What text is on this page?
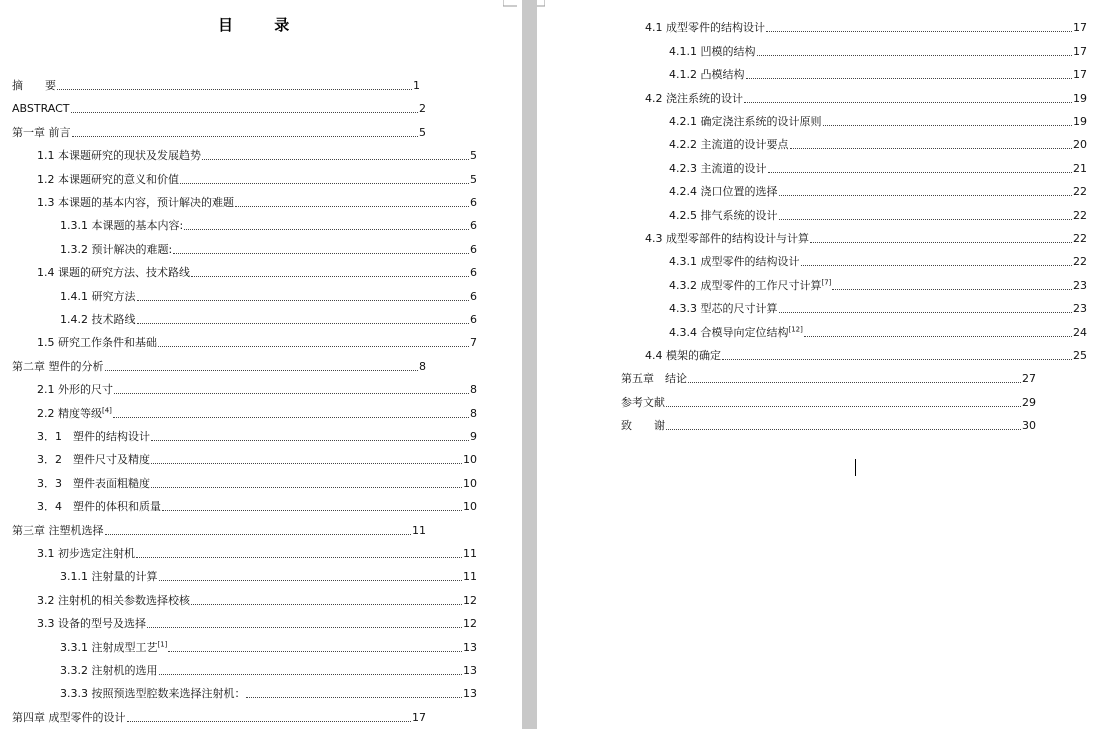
目 录
摘　　要	1
ABSTRACT	2
第一章 前言	5
1.1 本课题研究的现状及发展趋势	5
1.2 本课题研究的意义和价值	5
1.3 本课题的基本内容，预计解决的难题	6
1.3.1 本课题的基本内容:	6
1.3.2 预计解决的难题:	6
1.4 课题的研究方法、技术路线	6
1.4.1 研究方法	6
1.4.2 技术路线	6
1.5 研究工作条件和基础	7
第二章 塑件的分析	8
2.1 外形的尺寸	8
2.2 精度等级[4]	8
3．1　塑件的结构设计	9
3．2　塑件尺寸及精度	10
3．3　塑件表面粗糙度	10
3．4　塑件的体积和质量	10
第三章 注塑机选择	11
3.1 初步选定注射机	11
3.1.1 注射量的计算	11
3.2 注射机的相关参数选择校核	12
3.3 设备的型号及选择	12
3.3.1 注射成型工艺[1]	13
3.3.2 注射机的选用	13
3.3.3 按照预选型腔数来选择注射机：	13
第四章 成型零件的设计	17
4.1 成型零件的结构设计	17
4.1.1 凹模的结构	17
4.1.2 凸模结构	17
4.2 浇注系统的设计	19
4.2.1 确定浇注系统的设计原则	19
4.2.2 主流道的设计要点	20
4.2.3 主流道的设计	21
4.2.4 浇口位置的选择	22
4.2.5 排气系统的设计	22
4.3 成型零部件的结构设计与计算	22
4.3.1 成型零件的结构设计	22
4.3.2 成型零件的工作尺寸计算[7]	23
4.3.3 型芯的尺寸计算	23
4.3.4 合模导向定位结构[12]	24
4.4 模架的确定	25
第五章　结论	27
参考文献	29
致　　谢	30
